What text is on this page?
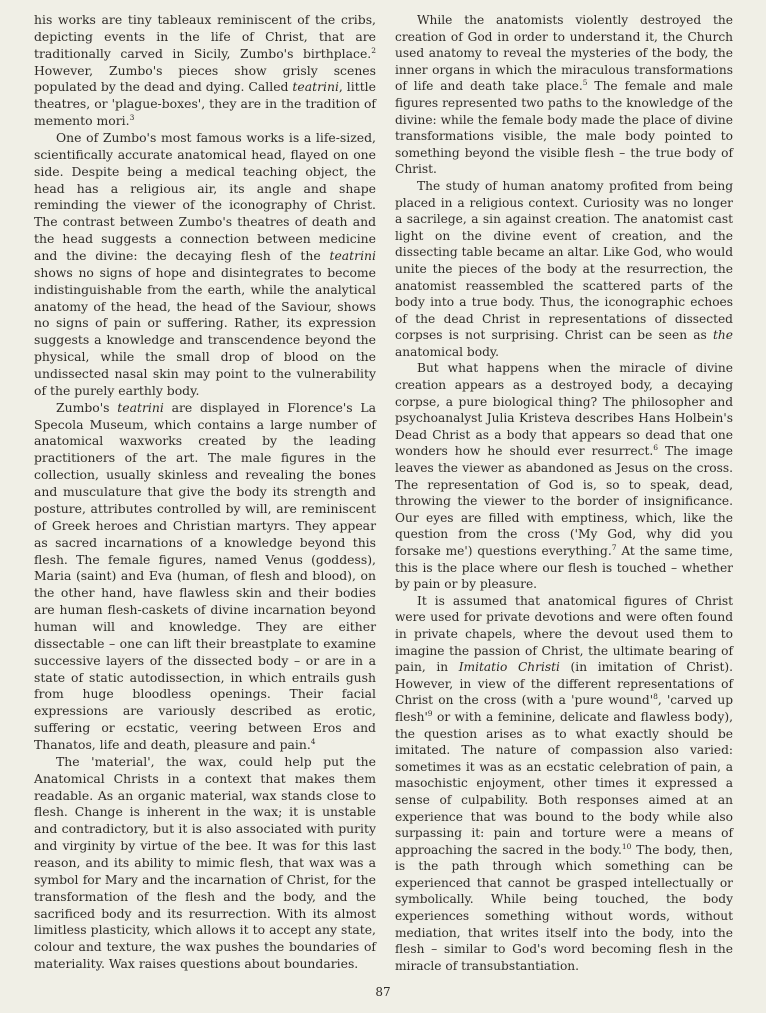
his works are tiny tableaux reminiscent of the cribs, depicting events in the life of Christ, that are traditionally carved in Sicily, Zumbo's birthplace.$^2$ However, Zumbo's pieces show grisly scenes populated by the dead and dying. Called teatrini, little theatres, or 'plague-boxes', they are in the tradition of memento mori.$^3$

One of Zumbo's most famous works is a life-sized, scientifically accurate anatomical head, flayed on one side. Despite being a medical teaching object, the head has a religious air, its angle and shape reminding the viewer of the iconography of Christ. The contrast between Zumbo's theatres of death and the head suggests a connection between medicine and the divine: the decaying flesh of the teatrini shows no signs of hope and disintegrates to become indistinguishable from the earth, while the analytical anatomy of the head, the head of the Saviour, shows no signs of pain or suffering. Rather, its expression suggests a knowledge and transcendence beyond the physical, while the small drop of blood on the undissected nasal skin may point to the vulnerability of the purely earthly body.

Zumbo's teatrini are displayed in Florence's La Specola Museum, which contains a large number of anatomical waxworks created by the leading practitioners of the art. The male figures in the collection, usually skinless and revealing the bones and musculature that give the body its strength and posture, attributes controlled by will, are reminiscent of Greek heroes and Christian martyrs. They appear as sacred incarnations of a knowledge beyond this flesh. The female figures, named Venus (goddess), Maria (saint) and Eva (human, of flesh and blood), on the other hand, have flawless skin and their bodies are human flesh-caskets of divine incarnation beyond human will and knowledge. They are either dissectable – one can lift their breastplate to examine successive layers of the dissected body – or are in a state of static autodissection, in which entrails gush from huge bloodless openings. Their facial expressions are variously described as erotic, suffering or ecstatic, veering between Eros and Thanatos, life and death, pleasure and pain.$^4$

The 'material', the wax, could help put the Anatomical Christs in a context that makes them readable. As an organic material, wax stands close to flesh. Change is inherent in the wax; it is unstable and contradictory, but it is also associated with purity and virginity by virtue of the bee. It was for this last reason, and its ability to mimic flesh, that wax was a symbol for Mary and the incarnation of Christ, for the transformation of the flesh and the body, and the sacrificed body and its resurrection. With its almost limitless plasticity, which allows it to accept any state, colour and texture, the wax pushes the boundaries of materiality. Wax raises questions about boundaries.

While the anatomists violently destroyed the creation of God in order to understand it, the Church used anatomy to reveal the mysteries of the body, the inner organs in which the miraculous transformations of life and death take place.$^5$ The female and male figures represented two paths to the knowledge of the divine: while the female body made the place of divine transformations visible, the male body pointed to something beyond the visible flesh – the true body of Christ.

The study of human anatomy profited from being placed in a religious context. Curiosity was no longer a sacrilege, a sin against creation. The anatomist cast light on the divine event of creation, and the dissecting table became an altar. Like God, who would unite the pieces of the body at the resurrection, the anatomist reassembled the scattered parts of the body into a true body. Thus, the iconographic echoes of the dead Christ in representations of dissected corpses is not surprising. Christ can be seen as the anatomical body.

But what happens when the miracle of divine creation appears as a destroyed body, a decaying corpse, a pure biological thing? The philosopher and psychoanalyst Julia Kristeva describes Hans Holbein's Dead Christ as a body that appears so dead that one wonders how he should ever resurrect.$^6$ The image leaves the viewer as abandoned as Jesus on the cross. The representation of God is, so to speak, dead, throwing the viewer to the border of insignificance. Our eyes are filled with emptiness, which, like the question from the cross ('My God, why did you forsake me') questions everything.$^7$ At the same time, this is the place where our flesh is touched – whether by pain or by pleasure.

It is assumed that anatomical figures of Christ were used for private devotions and were often found in private chapels, where the devout used them to imagine the passion of Christ, the ultimate bearing of pain, in Imitatio Christi (in imitation of Christ). However, in view of the different representations of Christ on the cross (with a 'pure wound'$^8$, 'carved up flesh'$^9$ or with a feminine, delicate and flawless body), the question arises as to what exactly should be imitated. The nature of compassion also varied: sometimes it was as an ecstatic celebration of pain, a masochistic enjoyment, other times it expressed a sense of culpability. Both responses aimed at an experience that was bound to the body while also surpassing it: pain and torture were a means of approaching the sacred in the body.$^{10}$ The body, then, is the path through which something can be experienced that cannot be grasped intellectually or symbolically. While being touched, the body experiences something without words, without mediation, that writes itself into the body, into the flesh – similar to God's word becoming flesh in the miracle of transubstantiation.

87
